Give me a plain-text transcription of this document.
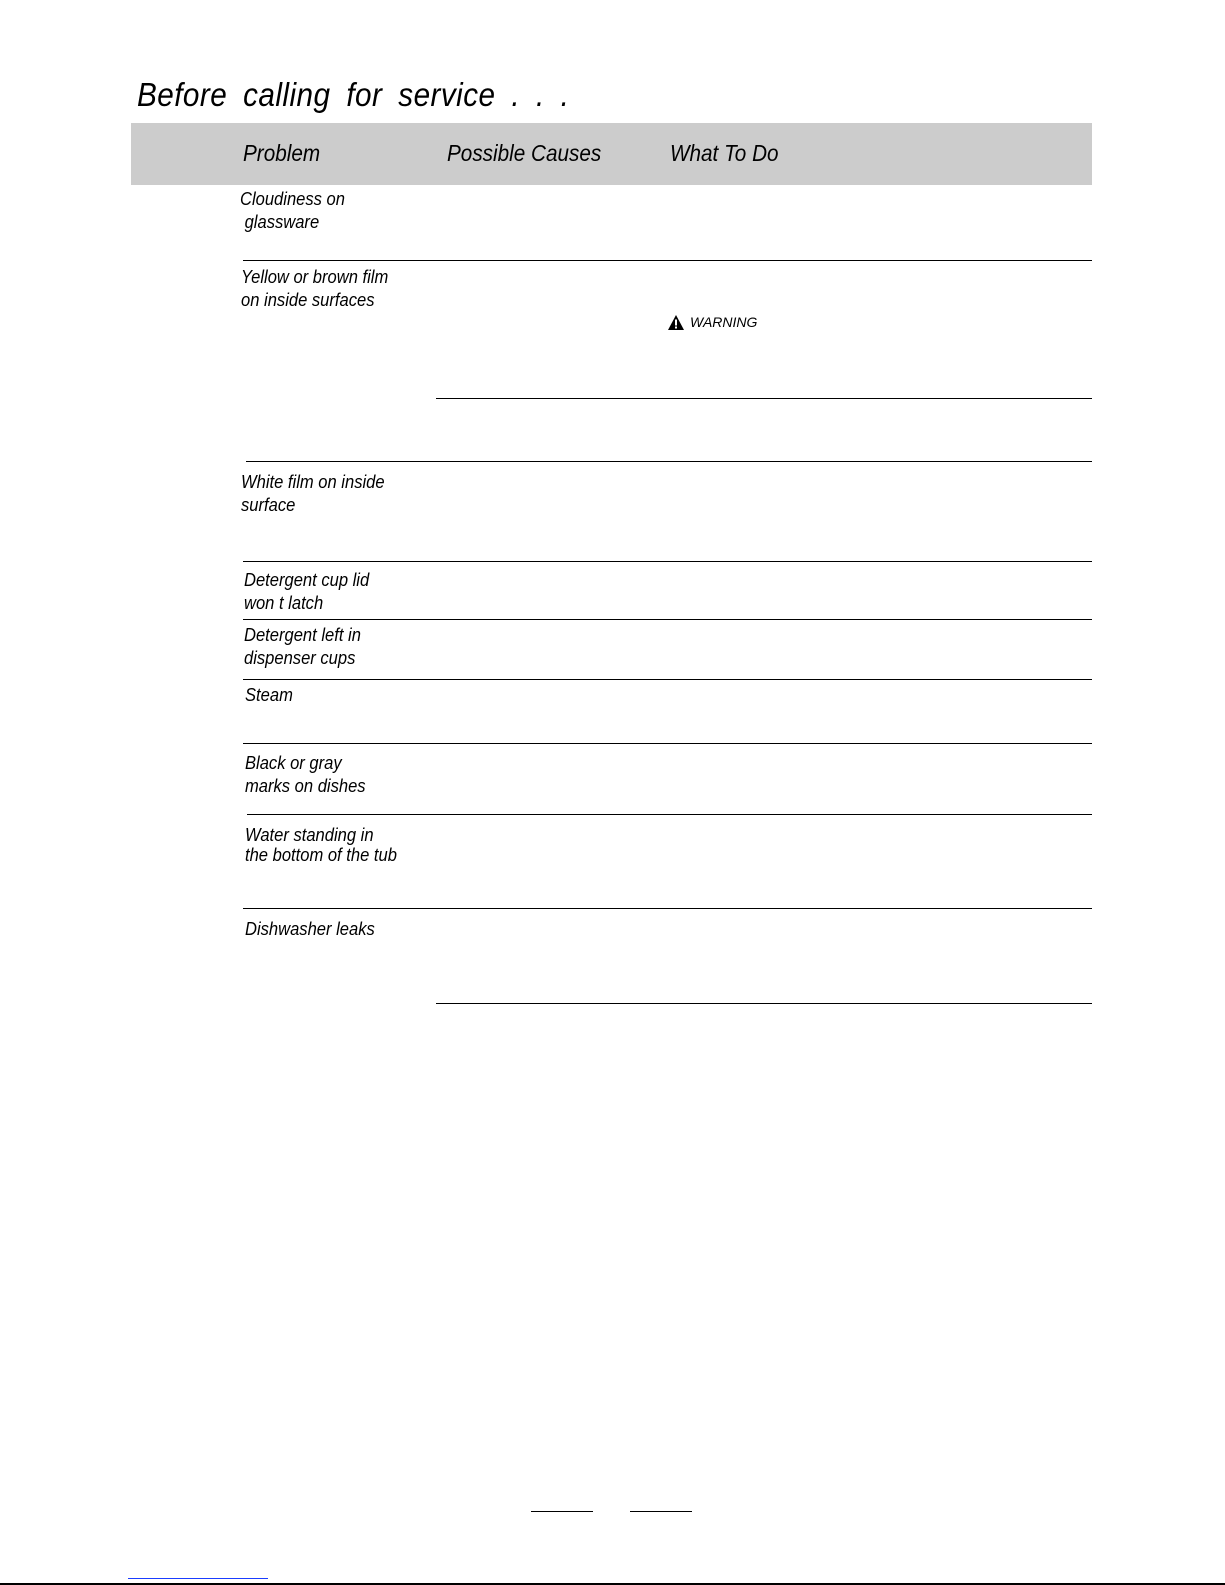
Before calling for service . . .
Problem	Possible Causes	What To Do
Cloudiness on
glassware
Yellow or brown film
on inside surfaces
WARNING
White film on inside
surface
Detergent cup lid
won t latch
Detergent left in
dispenser cups
Steam
Black or gray
marks on dishes
Water standing in
the bottom of the tub
Dishwasher leaks
